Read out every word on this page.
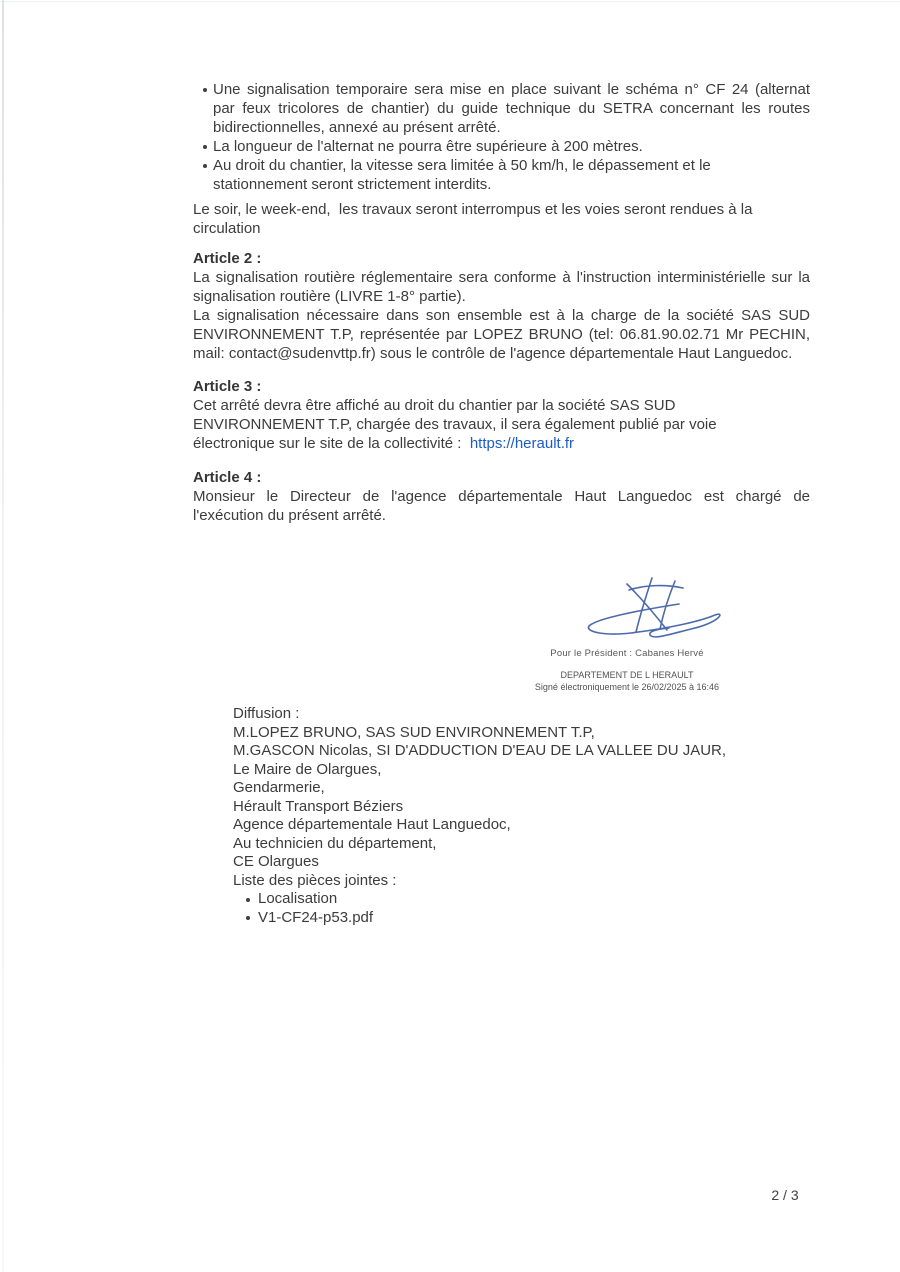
Une signalisation temporaire sera mise en place suivant le schéma n° CF 24 (alternat
par feux tricolores de chantier) du guide technique du SETRA concernant les routes
bidirectionnelles, annexé au présent arrêté.
La longueur de l'alternat ne pourra être supérieure à 200 mètres.
Au droit du chantier, la vitesse sera limitée à 50 km/h, le dépassement et le
stationnement seront strictement interdits.
Le soir, le week-end,  les travaux seront interrompus et les voies seront rendues à la
circulation
Article 2 :
La signalisation routière réglementaire sera conforme à l'instruction interministérielle sur la
signalisation routière (LIVRE 1-8° partie).
La signalisation nécessaire dans son ensemble est à la charge de la société SAS SUD
ENVIRONNEMENT T.P, représentée par LOPEZ BRUNO (tel: 06.81.90.02.71 Mr PECHIN,
mail: contact@sudenvttp.fr) sous le contrôle de l'agence départementale Haut Languedoc.
Article 3 :
Cet arrêté devra être affiché au droit du chantier par la société SAS SUD
ENVIRONNEMENT T.P, chargée des travaux, il sera également publié par voie
électronique sur le site de la collectivité :  https://herault.fr
Article 4 :
Monsieur le Directeur de l'agence départementale Haut Languedoc est chargé de
l'exécution du présent arrêté.
Pour le Président : Cabanes Hervé
DEPARTEMENT DE L HERAULT
Signé électroniquement le 26/02/2025 à 16:46
Diffusion :
M.LOPEZ BRUNO, SAS SUD ENVIRONNEMENT T.P,
M.GASCON Nicolas, SI D'ADDUCTION D'EAU DE LA VALLEE DU JAUR,
Le Maire de Olargues,
Gendarmerie,
Hérault Transport Béziers
Agence départementale Haut Languedoc,
Au technicien du département,
CE Olargues
Liste des pièces jointes :
Localisation
V1-CF24-p53.pdf
2 / 3
